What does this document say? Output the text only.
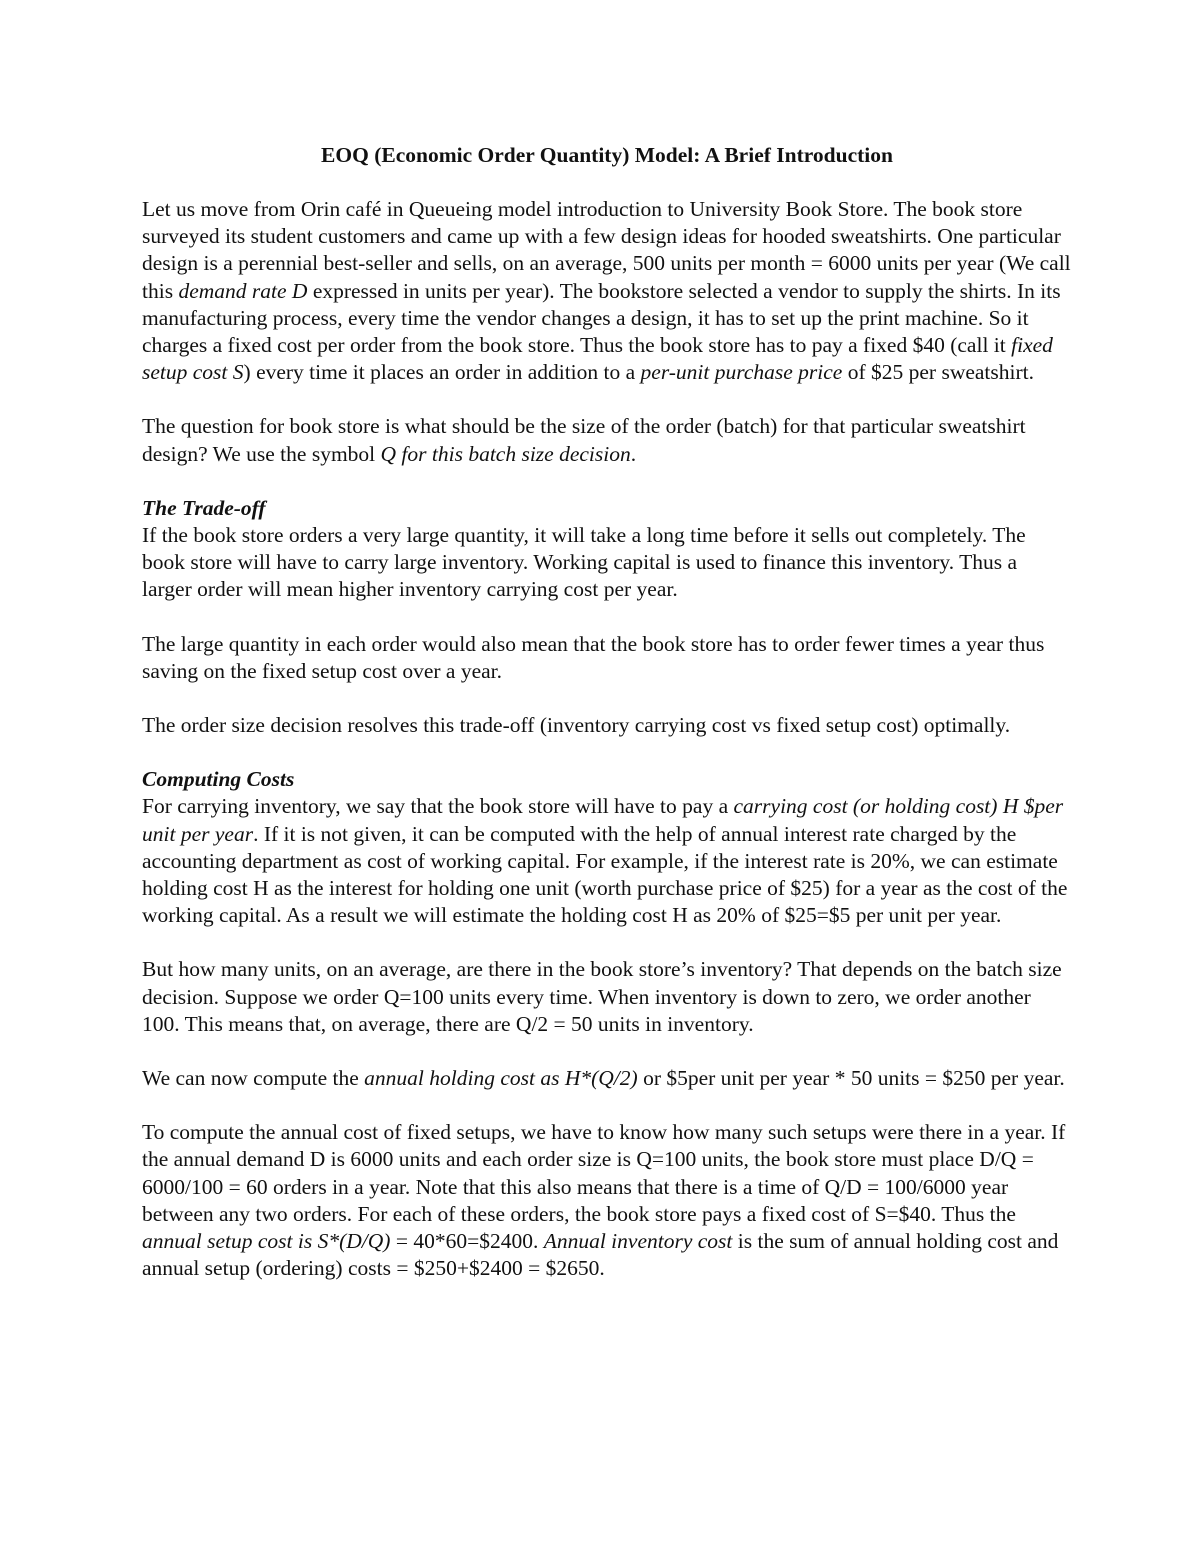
EOQ (Economic Order Quantity) Model: A Brief Introduction

Let us move from Orin café in Queueing model introduction to University Book Store. The book store surveyed its student customers and came up with a few design ideas for hooded sweatshirts. One particular design is a perennial best-seller and sells, on an average, 500 units per month = 6000 units per year (We call this demand rate D expressed in units per year). The bookstore selected a vendor to supply the shirts. In its manufacturing process, every time the vendor changes a design, it has to set up the print machine. So it charges a fixed cost per order from the book store. Thus the book store has to pay a fixed $40 (call it fixed setup cost S) every time it places an order in addition to a per-unit purchase price of $25 per sweatshirt.

The question for book store is what should be the size of the order (batch) for that particular sweatshirt design? We use the symbol Q for this batch size decision.

The Trade-off

If the book store orders a very large quantity, it will take a long time before it sells out completely. The book store will have to carry large inventory. Working capital is used to finance this inventory. Thus a larger order will mean higher inventory carrying cost per year.

The large quantity in each order would also mean that the book store has to order fewer times a year thus saving on the fixed setup cost over a year.

The order size decision resolves this trade-off (inventory carrying cost vs fixed setup cost) optimally.

Computing Costs

For carrying inventory, we say that the book store will have to pay a carrying cost (or holding cost) H $per unit per year. If it is not given, it can be computed with the help of annual interest rate charged by the accounting department as cost of working capital. For example, if the interest rate is 20%, we can estimate holding cost H as the interest for holding one unit (worth purchase price of $25) for a year as the cost of the working capital. As a result we will estimate the holding cost H as 20% of $25=$5 per unit per year.

But how many units, on an average, are there in the book store’s inventory? That depends on the batch size decision. Suppose we order Q=100 units every time. When inventory is down to zero, we order another 100. This means that, on average, there are Q/2 = 50 units in inventory.

We can now compute the annual holding cost as H*(Q/2) or $5per unit per year * 50 units = $250 per year.

To compute the annual cost of fixed setups, we have to know how many such setups were there in a year. If the annual demand D is 6000 units and each order size is Q=100 units, the book store must place D/Q = 6000/100 = 60 orders in a year. Note that this also means that there is a time of Q/D = 100/6000 year between any two orders. For each of these orders, the book store pays a fixed cost of S=$40. Thus the annual setup cost is S*(D/Q) = 40*60=$2400. Annual inventory cost is the sum of annual holding cost and annual setup (ordering) costs = $250+$2400 = $2650.
